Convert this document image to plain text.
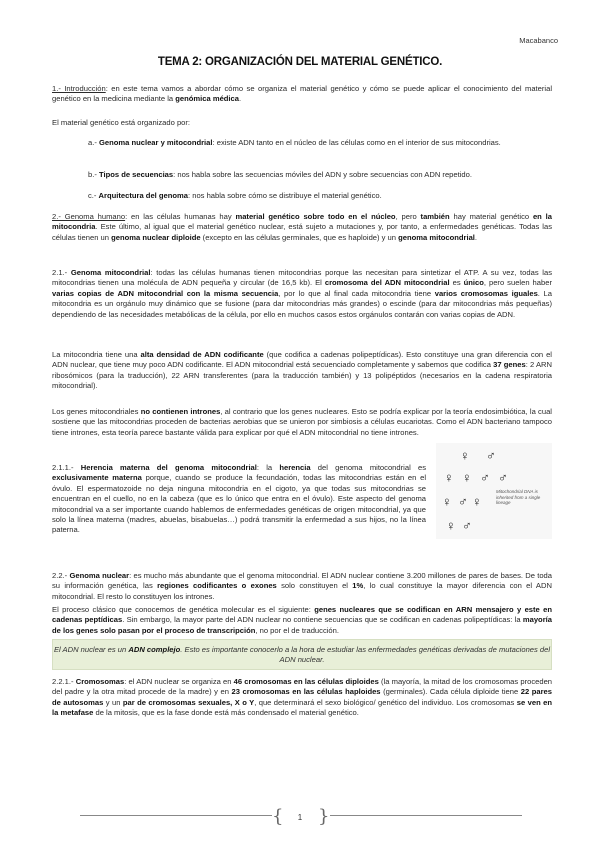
Macabanco
TEMA 2: ORGANIZACIÓN DEL MATERIAL GENÉTICO.
1.- Introducción: en este tema vamos a abordar cómo se organiza el material genético y cómo se puede aplicar el conocimiento del material genético en la medicina mediante la genómica médica.
El material genético está organizado por:
a.- Genoma nuclear y mitocondrial: existe ADN tanto en el núcleo de las células como en el interior de sus mitocondrias.
b.- Tipos de secuencias: nos habla sobre las secuencias móviles del ADN y sobre secuencias con ADN repetido.
c.- Arquitectura del genoma: nos habla sobre cómo se distribuye el material genético.
2.- Genoma humano: en las células humanas hay material genético sobre todo en el núcleo, pero también hay material genético en la mitocondria. Este último, al igual que el material genético nuclear, está sujeto a mutaciones y, por tanto, a enfermedades genéticas. Todas las células tienen un genoma nuclear diploide (excepto en las células germinales, que es haploide) y un genoma mitocondrial.
2.1.- Genoma mitocondrial: todas las células humanas tienen mitocondrias porque las necesitan para sintetizar el ATP. A su vez, todas las mitocondrias tienen una molécula de ADN pequeña y circular (de 16,5 kb). El cromosoma del ADN mitocondrial es único, pero suelen haber varias copias de ADN mitocondrial con la misma secuencia, por lo que al final cada mitocondria tiene varios cromosomas iguales. La mitocondria es un orgánulo muy dinámico que se fusione (para dar mitocondrias más grandes) o escinde (para dar mitocondrias más pequeñas) dependiendo de las necesidades metabólicas de la célula, por ello en muchos casos estos orgánulos contarán con varias copias de ADN.
La mitocondria tiene una alta densidad de ADN codificante (que codifica a cadenas polipeptídicas). Esto constituye una gran diferencia con el ADN nuclear, que tiene muy poco ADN codificante. El ADN mitocondrial está secuenciado completamente y sabemos que codifica 37 genes: 2 ARN ribosómicos (para la traducción), 22 ARN transferentes (para la traducción también) y 13 polipéptidos (necesarios en la cadena respiratoria mitocondrial).
Los genes mitocondriales no contienen intrones, al contrario que los genes nucleares. Esto se podría explicar por la teoría endosimbiótica, la cual sostiene que las mitocondrias proceden de bacterias aerobias que se unieron por simbiosis a células eucariotas. Como el ADN bacteriano tampoco tiene intrones, esta teoría parece bastante válida para explicar por qué el ADN mitocondrial no tiene intrones.
2.1.1.- Herencia materna del genoma mitocondrial: la herencia del genoma mitocondrial es exclusivamente materna porque, cuando se produce la fecundación, todas las mitocondrias están en el óvulo. El espermatozoide no deja ninguna mitocondria en el cigoto, ya que todas sus mitocondrias se encuentran en el cuello, no en la cabeza (que es lo único que entra en el óvulo). Este aspecto del genoma mitocondrial va a ser importante cuando hablemos de enfermedades genéticas de origen mitocondrial, ya que solo la línea materna (madres, abuelas, bisabuelas…) podrá transmitir la enfermedad a sus hijos, no la línea paterna.
♀ ♂
♀ ♀ ♂ ♂
♀ ♂ ♀
♀ ♂
Mitochondrial DNA is inherited from a single lineage
2.2.- Genoma nuclear: es mucho más abundante que el genoma mitocondrial. El ADN nuclear contiene 3.200 millones de pares de bases. De toda su información genética, las regiones codificantes o exones solo constituyen el 1%, lo cual constituye la mayor diferencia con el ADN mitocondrial. El resto lo constituyen los intrones.
El proceso clásico que conocemos de genética molecular es el siguiente: genes nucleares que se codifican en ARN mensajero y este en cadenas peptídicas. Sin embargo, la mayor parte del ADN nuclear no contiene secuencias que se codifican en cadenas polipeptídicas: la mayoría de los genes solo pasan por el proceso de transcripción, no por el de traducción.
El ADN nuclear es un ADN complejo. Esto es importante conocerlo a la hora de estudiar las enfermedades genéticas derivadas de mutaciones del ADN nuclear.
2.2.1.- Cromosomas: el ADN nuclear se organiza en 46 cromosomas en las células diploides (la mayoría, la mitad de los cromosomas proceden del padre y la otra mitad procede de la madre) y en 23 cromosomas en las células haploides (germinales). Cada célula diploide tiene 22 pares de autosomas y un par de cromosomas sexuales, X o Y, que determinará el sexo biológico/ genético del individuo. Los cromosomas se ven en la metafase de la mitosis, que es la fase donde está más condensado el material genético.
{	1 }
